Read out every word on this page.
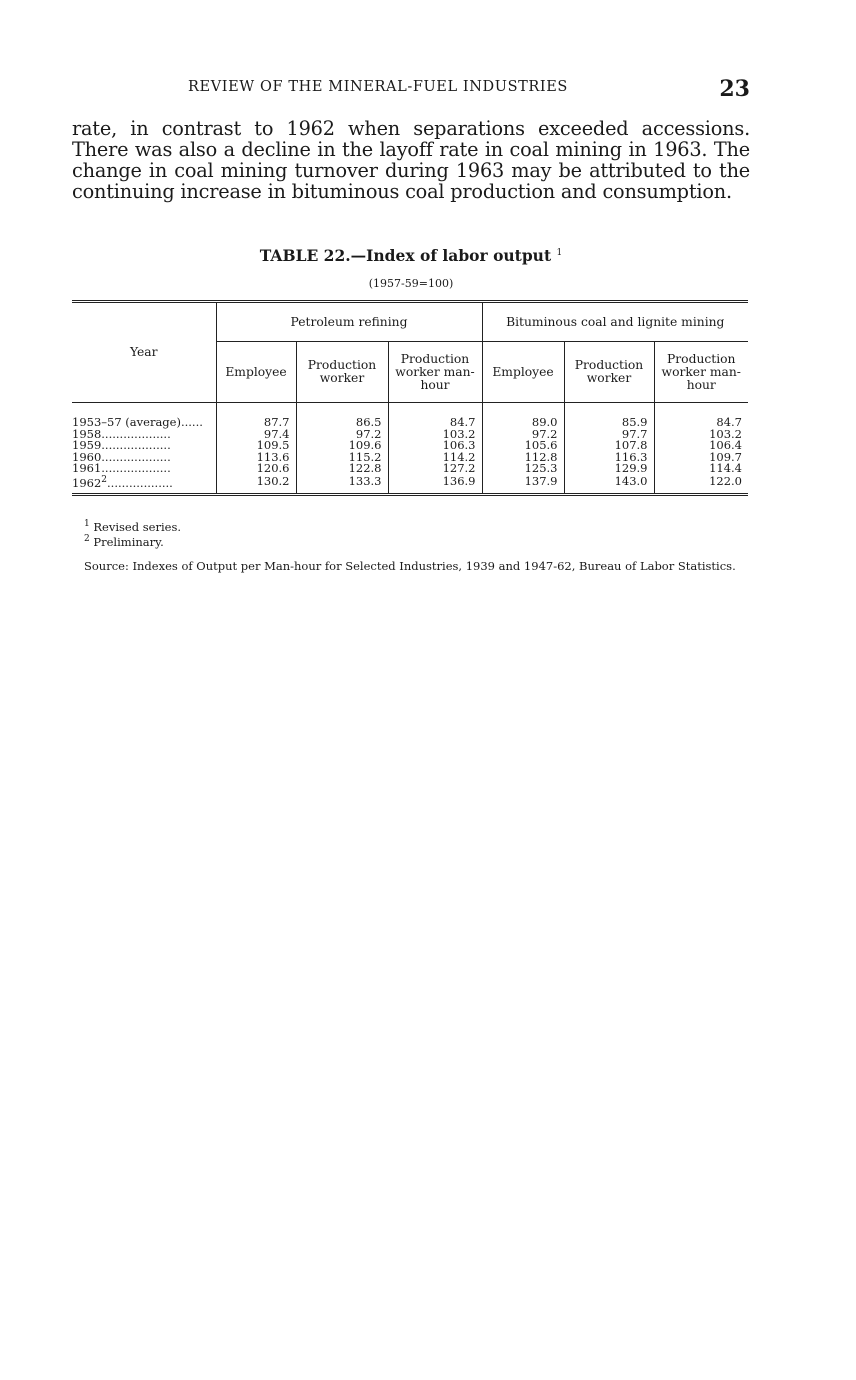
REVIEW OF THE MINERAL-FUEL INDUSTRIES	23
rate, in contrast to 1962 when separations exceeded accessions. There was also a decline in the layoff rate in coal mining in 1963. The change in coal mining turnover during 1963 may be attributed to the continuing increase in bituminous coal production and consumption.
TABLE 22.—Index of labor output $^1$
(1957-59=100)
Year	Petroleum refining			Bituminous coal and lignite mining		
	Employee	Production worker	Production worker man-hour	Employee	Production worker	Production worker man-hour
1953–57 (average)......	87.7	86.5	84.7	89.0	85.9	84.7
1958...................	97.4	97.2	103.2	97.2	97.7	103.2
1959...................	109.5	109.6	106.3	105.6	107.8	106.4
1960...................	113.6	115.2	114.2	112.8	116.3	109.7
1961...................	120.6	122.8	127.2	125.3	129.9	114.4
1962$^2$..................	130.2	133.3	136.9	137.9	143.0	122.0
$^1$ Revised series.
$^2$ Preliminary.
Source: Indexes of Output per Man-hour for Selected Industries, 1939 and 1947-62, Bureau of Labor Statistics.
